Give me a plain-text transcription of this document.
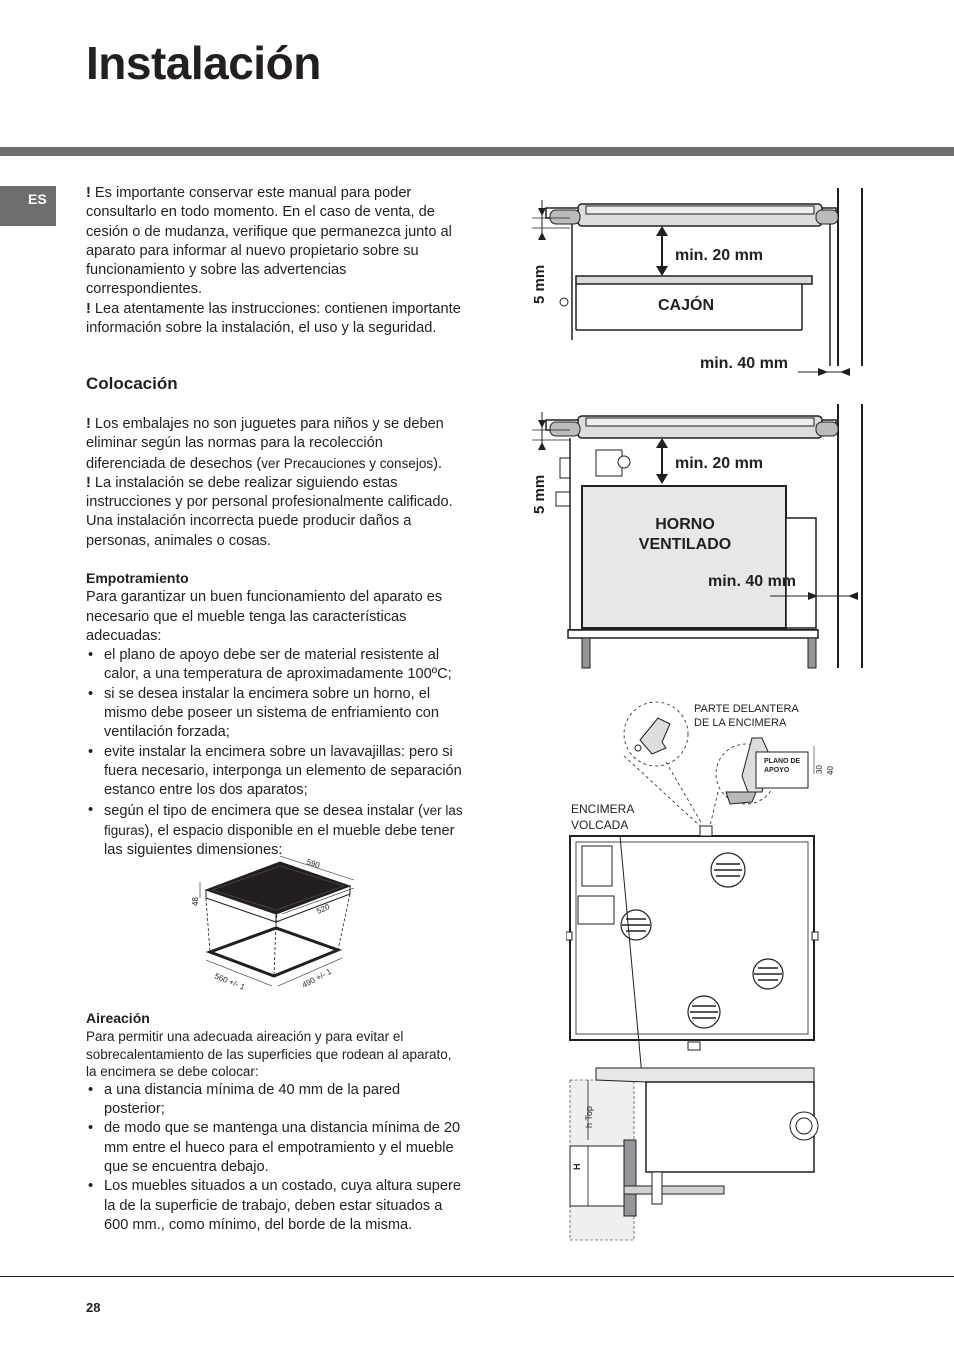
Instalación
ES	! Es importante conservar este manual para poder consultarlo en todo momento. En el caso de venta, de cesión o de mudanza, verifique que permanezca junto al aparato para informar al nuevo propietario sobre su funcionamiento y sobre las advertencias correspondientes.

! Lea atentamente las instrucciones: contienen importante información sobre la instalación, el uso y la seguridad.

Colocación

! Los embalajes no son juguetes para niños y se deben eliminar según las normas para la recolección diferenciada de desechos (ver Precauciones y consejos).

! La instalación se debe realizar siguiendo estas instrucciones y por personal profesionalmente calificado. Una instalación incorrecta puede producir daños a personas, animales o cosas.

Empotramiento

Para garantizar un buen funcionamiento del aparato es necesario que el mueble tenga las características adecuadas:

• el plano de apoyo debe ser de material resistente al calor, a una temperatura de aproximadamente 100ºC;
• si se desea instalar la encimera sobre un horno, el mismo debe poseer un sistema de enfriamiento con ventilación forzada;
• evite instalar la encimera sobre un lavavajillas: pero si fuera necesario, interponga un elemento de separación estanco entre los dos aparatos;
• según el tipo de encimera que se desea instalar (ver las figuras), el espacio disponible en el mueble debe tener las siguientes dimensiones:
590
520
48
560 +/- 1	490 +/- 1

Aireación

Para permitir una adecuada aireación y para evitar el sobrecalentamiento de las superficies que rodean al aparato, la encimera se debe colocar:

• a una distancia mínima de 40 mm de la pared posterior;
• de modo que se mantenga una distancia mínima de 20 mm entre el hueco para el empotramiento y el mueble que se encuentra debajo.
• Los muebles situados a un costado, cuya altura supere la de la superficie de trabajo, deben estar situados a 600 mm., como mínimo, del borde de la misma.
min. 20 mm
CAJÓN
min. 40 mm
5 mm
min. 20 mm
HORNO
VENTILADO
min. 40 mm
5 mm
PARTE DELANTERA
DE LA ENCIMERA
PLANO DE
APOYO	30
ENCIMERA
VOLCADA
h Top
H
40
28
